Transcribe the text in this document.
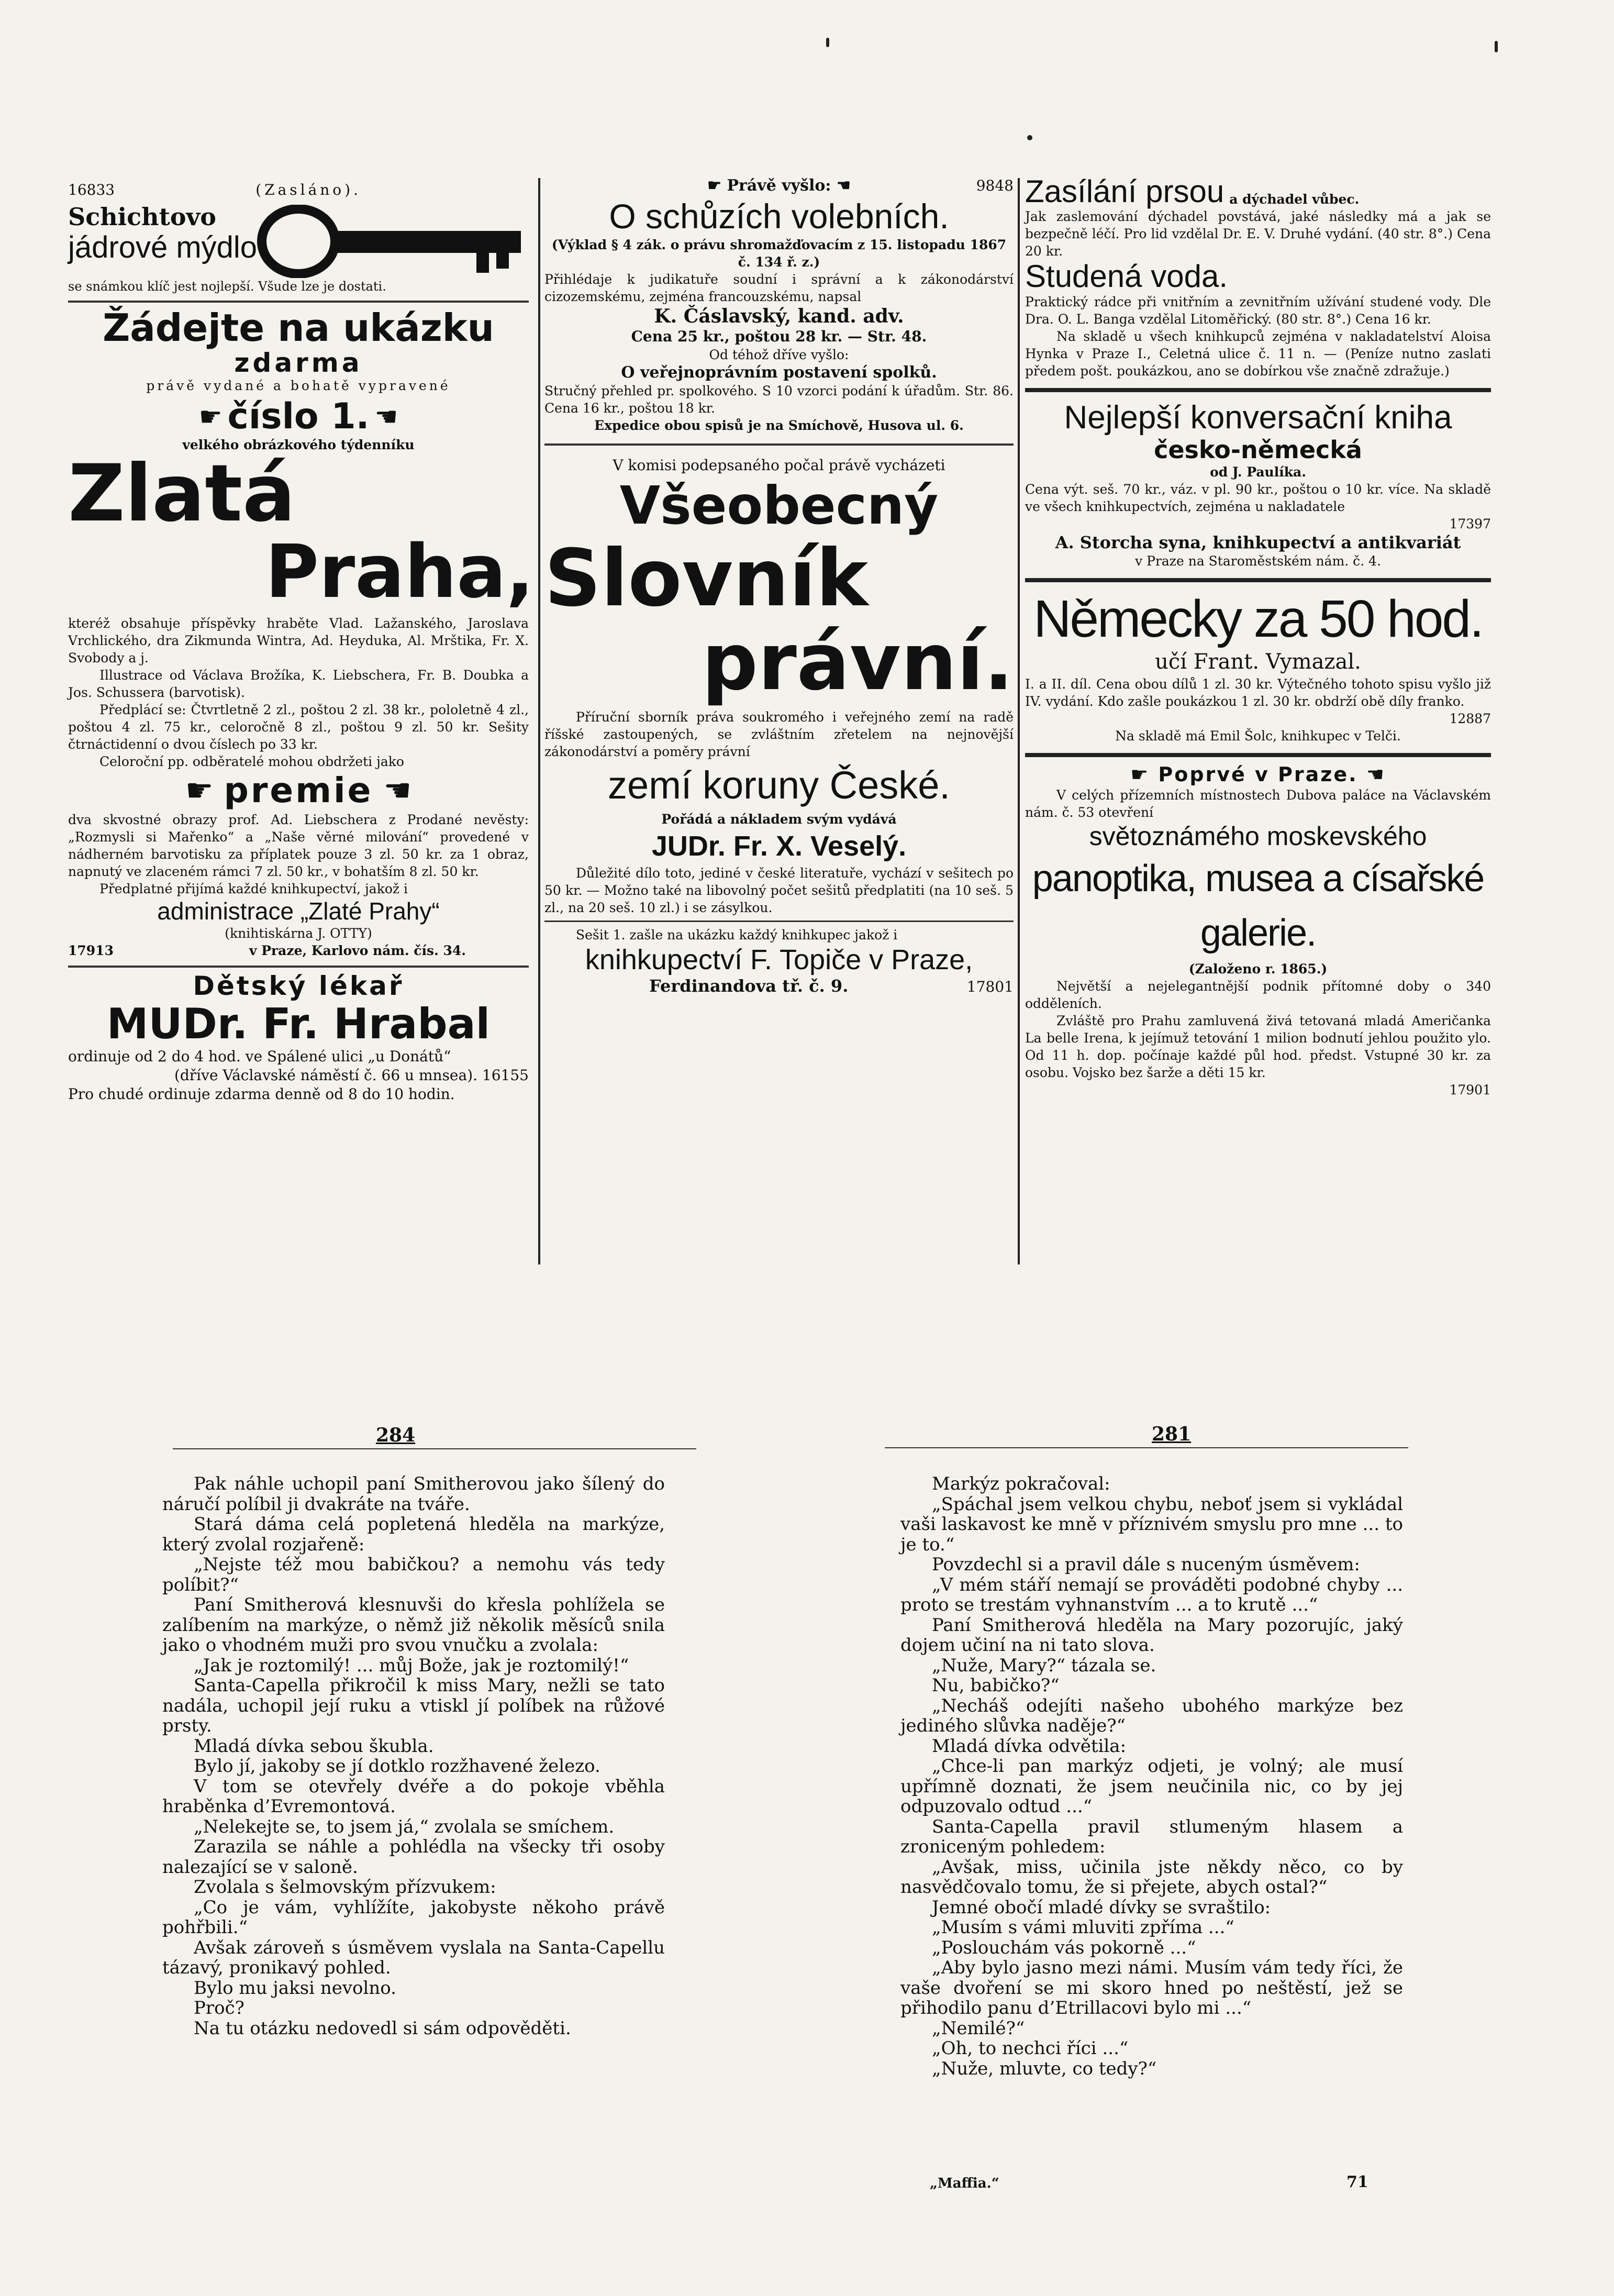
16833	(Zasláno).
Schichtovo
jádrové mýdlo
se snámkou klíč jest nojlepší. Všude lze je dostati.
Žádejte na ukázku
zdarma
právě vydané a bohatě vypravené
☛ číslo 1. ☚
velkého obrázkového týdenníku
Zlatá
Praha,
kteréž obsahuje příspěvky hraběte Vlad. Lažanského, Jaroslava Vrchlického, dra Zikmunda Wintra, Ad. Heyduka, Al. Mrštika, Fr. X. Svobody a j.
Illustrace od Václava Brožíka, K. Liebschera, Fr. B. Doubka a Jos. Schussera (barvotisk).
Předplácí se: Čtvrtletně 2 zl., poštou 2 zl. 38 kr., pololetně 4 zl., poštou 4 zl. 75 kr., celoročně 8 zl., poštou 9 zl. 50 kr. Sešity čtrnáctidenní o dvou číslech po 33 kr.
Celoroční pp. odběratelé mohou obdržeti jako
☛ premie ☚
dva skvostné obrazy prof. Ad. Liebschera z Prodané nevěsty: „Rozmysli si Mařenko“ a „Naše věrné milování“ provedené v nádherném barvotisku za příplatek pouze 3 zl. 50 kr. za 1 obraz, napnutý ve zlaceném rámci 7 zl. 50 kr., v bohatším 8 zl. 50 kr.
Předplatné přijímá každé knihkupectví, jakož i
administrace „Zlaté Prahy“
(knihtiskárna J. OTTY)
17913	v Praze, Karlovo nám. čís. 34.
Dětský lékař
MUDr. Fr. Hrabal
ordinuje od 2 do 4 hod. ve Spálené ulici „u Donátů“
(dříve Václavské náměstí č. 66 u mnsea). 16155
Pro chudé ordinuje zdarma denně od 8 do 10 hodin.
☛ Právě vyšlo: ☚	9848
O schůzích volebních.
(Výklad § 4 zák. o právu shromažďovacím z 15. listopadu 1867 č. 134 ř. z.)
Přihlédaje k judikatuře soudní i správní a k zákonodárství cizozemskému, zejména francouzskému, napsal
K. Čáslavský, kand. adv.
Cena 25 kr., poštou 28 kr. — Str. 48.
Od téhož dříve vyšlo:
O veřejnoprávním postavení spolků.
Stručný přehled pr. spolkového. S 10 vzorci podání k úřadům. Str. 86. Cena 16 kr., poštou 18 kr.
Expedice obou spisů je na Smíchově, Husova ul. 6.
V komisi podepsaného počal právě vycházeti
Všeobecný
Slovník
právní.
Příruční sborník práva soukromého i veřejného zemí na radě říšské zastoupených, se zvláštním zřetelem na nejnovější zákonodárství a poměry právní
zemí koruny České.
Pořádá a nákladem svým vydává
JUDr. Fr. X. Veselý.
Důležité dílo toto, jediné v české literatuře, vychází v sešitech po 50 kr. — Možno také na libovolný počet sešitů předplatiti (na 10 seš. 5 zl., na 20 seš. 10 zl.) i se zásylkou.
Sešit 1. zašle na ukázku každý knihkupec jakož i
knihkupectví F. Topiče v Praze,
Ferdinandova tř. č. 9.	17801
Zasílání prsou a dýchadel vůbec.
Jak zaslemování dýchadel povstává, jaké následky má a jak se bezpečně léčí. Pro lid vzdělal Dr. E. V. Druhé vydání. (40 str. 8°.) Cena 20 kr.
Studená voda.
Praktický rádce při vnitřním a zevnitřním užívání studené vody. Dle Dra. O. L. Banga vzdělal Litoměřický. (80 str. 8°.) Cena 16 kr.
Na skladě u všech knihkupců zejména v nakladatelství Aloisa Hynka v Praze I., Celetná ulice č. 11 n. — (Peníze nutno zaslati předem pošt. poukázkou, ano se dobírkou vše značně zdražuje.)
Nejlepší konversační kniha
česko-německá
od J. Paulíka.
Cena výt. seš. 70 kr., váz. v pl. 90 kr., poštou o 10 kr. více. Na skladě ve všech knihkupectvích, zejména u nakladatele
17397
A. Storcha syna, knihkupectví a antikvariát
v Praze na Staroměstském nám. č. 4.
Německy za 50 hod.
učí Frant. Vymazal.
I. a II. díl. Cena obou dílů 1 zl. 30 kr. Výtečného tohoto spisu vyšlo již IV. vydání. Kdo zašle poukázkou 1 zl. 30 kr. obdrží obě díly franko.
12887
Na skladě má Emil Šolc, knihkupec v Telči.
☛ Poprvé v Praze. ☚
V celých přízemních místnostech Dubova paláce na Václavském nám. č. 53 otevření
světoznámého moskevského
panoptika, musea a císařské galerie.
(Založeno r. 1865.)
Největší a nejelegantnější podnik přítomné doby o 340 odděleních.
Zvláště pro Prahu zamluvená živá tetovaná mladá Američanka La belle Irena, k jejímuž tetování 1 milion bodnutí jehlou použito ylo. Od 11 h. dop. počínaje každé půl hod. předst. Vstupné 30 kr. za osobu. Vojsko bez šarže a děti 15 kr.
17901
284

Pak náhle uchopil paní Smitherovou jako šílený do náručí políbil ji dvakráte na tváře.

Stará dáma celá popletená hleděla na markýze, který zvolal rozjařeně:

„Nejste též mou babičkou? a nemohu vás tedy políbit?“

Paní Smitherová klesnuvši do křesla pohlížela se zalíbením na markýze, o němž již několik měsíců snila jako o vhodném muži pro svou vnučku a zvolala:

„Jak je roztomilý! ... můj Bože, jak je roztomilý!“

Santa-Capella přikročil k miss Mary, nežli se tato nadála, uchopil její ruku a vtiskl jí políbek na růžové prsty.

Mladá dívka sebou škubla.

Bylo jí, jakoby se jí dotklo rozžhavené železo.

V tom se otevřely dvéře a do pokoje vběhla hraběnka d’Evremontová.

„Nelekejte se, to jsem já,“ zvolala se smíchem.

Zarazila se náhle a pohlédla na všecky tři osoby nalezající se v saloně.

Zvolala s šelmovským přízvukem:

„Co je vám, vyhlížíte, jakobyste někoho právě pohřbili.“

Avšak zároveň s úsměvem vyslala na Santa-Capellu tázavý, pronikavý pohled.

Bylo mu jaksi nevolno.

Proč?

Na tu otázku nedovedl si sám odpověděti.

281

Markýz pokračoval:

„Spáchal jsem velkou chybu, neboť jsem si vykládal vaši laskavost ke mně v příznivém smyslu pro mne ... to je to.“

Povzdechl si a pravil dále s nuceným úsměvem:

„V mém stáří nemají se prováděti podobné chyby ... proto se trestám vyhnanstvím ... a to krutě ...“

Paní Smitherová hleděla na Mary pozorujíc, jaký dojem učiní na ni tato slova.

„Nuže, Mary?“ tázala se.

Nu, babičko?“

„Necháš odejíti našeho ubohého markýze bez jediného slůvka naděje?“

Mladá dívka odvětila:

„Chce-li pan markýz odjeti, je volný; ale musí upřímně doznati, že jsem neučinila nic, co by jej odpuzovalo odtud ...“

Santa-Capella pravil stlumeným hlasem a zroniceným pohledem:

„Avšak, miss, učinila jste někdy něco, co by nasvědčovalo tomu, že si přejete, abych ostal?“

Jemné obočí mladé dívky se svraštilo:

„Musím s vámi mluviti zpříma ...“

„Poslouchám vás pokorně ...“

„Aby bylo jasno mezi námi. Musím vám tedy říci, že vaše dvoření se mi skoro hned po neštěstí, jež se přihodilo panu d’Etrillacovi bylo mi ...“

„Nemilé?“

„Oh, to nechci říci ...“

„Nuže, mluvte, co tedy?“

„Maffia.“	71
